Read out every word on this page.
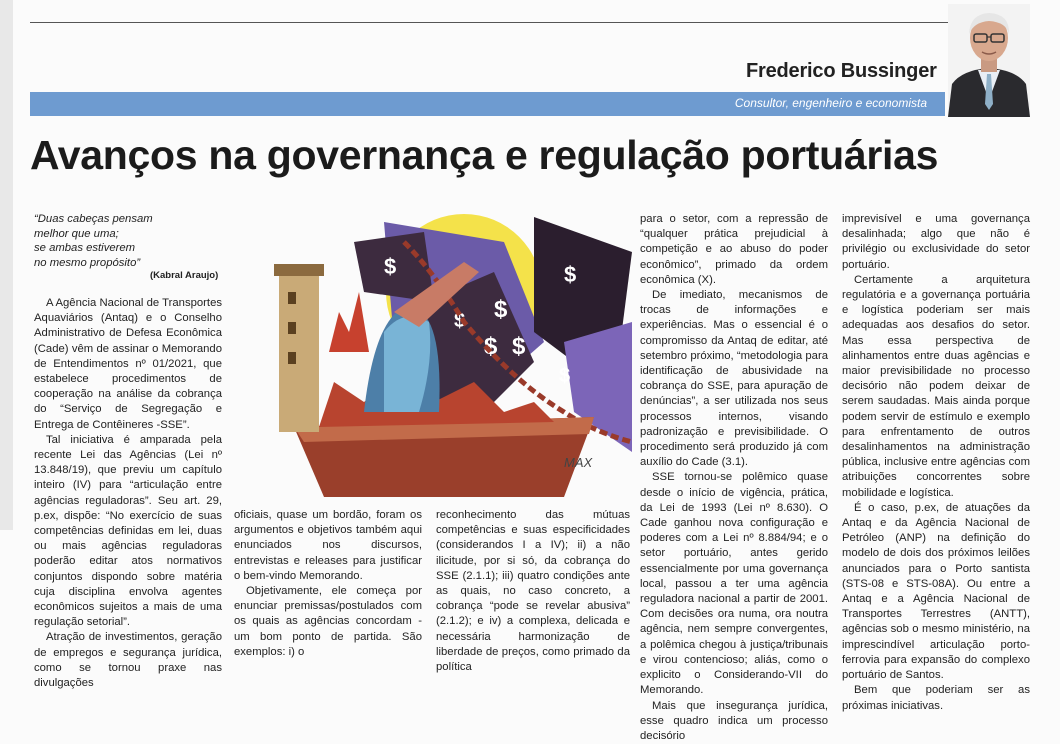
Frederico Bussinger
Consultor, engenheiro e economista
Avanços na governança e regulação portuárias
“Duas cabeças pensam
melhor que uma;
se ambas estiverem
no mesmo propósito”
(Kabral Araujo)	$	$
$
$
$ $
$
MAX

A Agência Nacional de Transportes Aquaviários (Antaq) e o Conselho Administrativo de Defesa Econômica (Cade) vêm de assinar o Memorando de Entendimentos nº 01/2021, que estabelece procedimentos de cooperação na análise da cobrança do “Serviço de Segregação e Entrega de Contêineres -SSE”.

Tal iniciativa é amparada pela recente Lei das Agências (Lei nº 13.848/19), que previu um capítulo inteiro (IV) para “articulação entre agências reguladoras”. Seu art. 29, p.ex, dispõe: “No exercício de suas competências definidas em lei, duas ou mais agências reguladoras poderão editar atos normativos conjuntos dispondo sobre matéria cuja disciplina envolva agentes econômicos sujeitos a mais de uma regulação setorial”.

Atração de investimentos, geração de empregos e segurança jurídica, como se tornou praxe nas divulgações

oficiais, quase um bordão, foram os argumentos e objetivos também aqui enunciados nos discursos, entrevistas e releases para justificar o bem-vindo Memorando.

Objetivamente, ele começa por enunciar premissas/postulados com os quais as agências concordam - um bom ponto de partida. São exemplos: i) o

reconhecimento das mútuas competências e suas especificidades (considerandos I a IV); ii) a não ilicitude, por si só, da cobrança do SSE (2.1.1); iii) quatro condições ante as quais, no caso concreto, a cobrança “pode se revelar abusiva” (2.1.2); e iv) a complexa, delicada e necessária harmonização de liberdade de preços, como primado da política

para o setor, com a repressão de “qualquer prática prejudicial à competição e ao abuso do poder econômico”, primado da ordem econômica (X).

De imediato, mecanismos de trocas de informações e experiências. Mas o essencial é o compromisso da Antaq de editar, até setembro próximo, “metodologia para identificação de abusividade na cobrança do SSE, para apuração de denúncias”, a ser utilizada nos seus processos internos, visando padronização e previsibilidade. O procedimento será produzido já com auxílio do Cade (3.1).

SSE tornou-se polêmico quase desde o início de vigência, prática, da Lei de 1993 (Lei nº 8.630). O Cade ganhou nova configuração e poderes com a Lei nº 8.884/94; e o setor portuário, antes gerido essencialmente por uma governança local, passou a ter uma agência reguladora nacional a partir de 2001. Com decisões ora numa, ora noutra agência, nem sempre convergentes, a polêmica chegou à justiça/tribunais e virou contencioso; aliás, como o explicito o Considerando-VII do Memorando.

Mais que insegurança jurídica, esse quadro indica um processo decisório

imprevisível e uma governança desalinhada; algo que não é privilégio ou exclusividade do setor portuário.

Certamente a arquitetura regulatória e a governança portuária e logística poderiam ser mais adequadas aos desafios do setor. Mas essa perspectiva de alinhamentos entre duas agências e maior previsibilidade no processo decisório não podem deixar de serem saudadas. Mais ainda porque podem servir de estímulo e exemplo para enfrentamento de outros desalinhamentos na administração pública, inclusive entre agências com atribuições concorrentes sobre mobilidade e logística.

É o caso, p.ex, de atuações da Antaq e da Agência Nacional de Petróleo (ANP) na definição do modelo de dois dos próximos leilões anunciados para o Porto santista (STS-08 e STS-08A). Ou entre a Antaq e a Agência Nacional de Transportes Terrestres (ANTT), agências sob o mesmo ministério, na imprescindível articulação porto-ferrovia para expansão do complexo portuário de Santos.

Bem que poderiam ser as próximas iniciativas.
